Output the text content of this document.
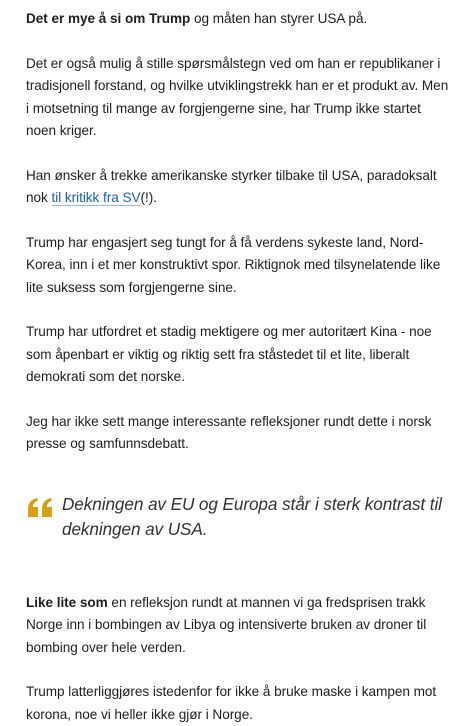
Det er mye å si om Trump og måten han styrer USA på.

Det er også mulig å stille spørsmålstegn ved om han er republikaner i tradisjonell forstand, og hvilke utviklingstrekk han er et produkt av. Men i motsetning til mange av forgjengerne sine, har Trump ikke startet noen kriger.

Han ønsker å trekke amerikanske styrker tilbake til USA, paradoksalt nok til kritikk fra SV(!).

Trump har engasjert seg tungt for å få verdens sykeste land, Nord-Korea, inn i et mer konstruktivt spor. Riktignok med tilsynelatende like lite suksess som forgjengerne sine.

Trump har utfordret et stadig mektigere og mer autoritært Kina - noe som åpenbart er viktig og riktig sett fra ståstedet til et lite, liberalt demokrati som det norske.

Jeg har ikke sett mange interessante refleksjoner rundt dette i norsk presse og samfunnsdebatt.

Dekningen av EU og Europa står i sterk kontrast til dekningen av USA.

Like lite som en refleksjon rundt at mannen vi ga fredsprisen trakk Norge inn i bombingen av Libya og intensiverte bruken av droner til bombing over hele verden.

Trump latterliggjøres istedenfor for ikke å bruke maske i kampen mot korona, noe vi heller ikke gjør i Norge.
